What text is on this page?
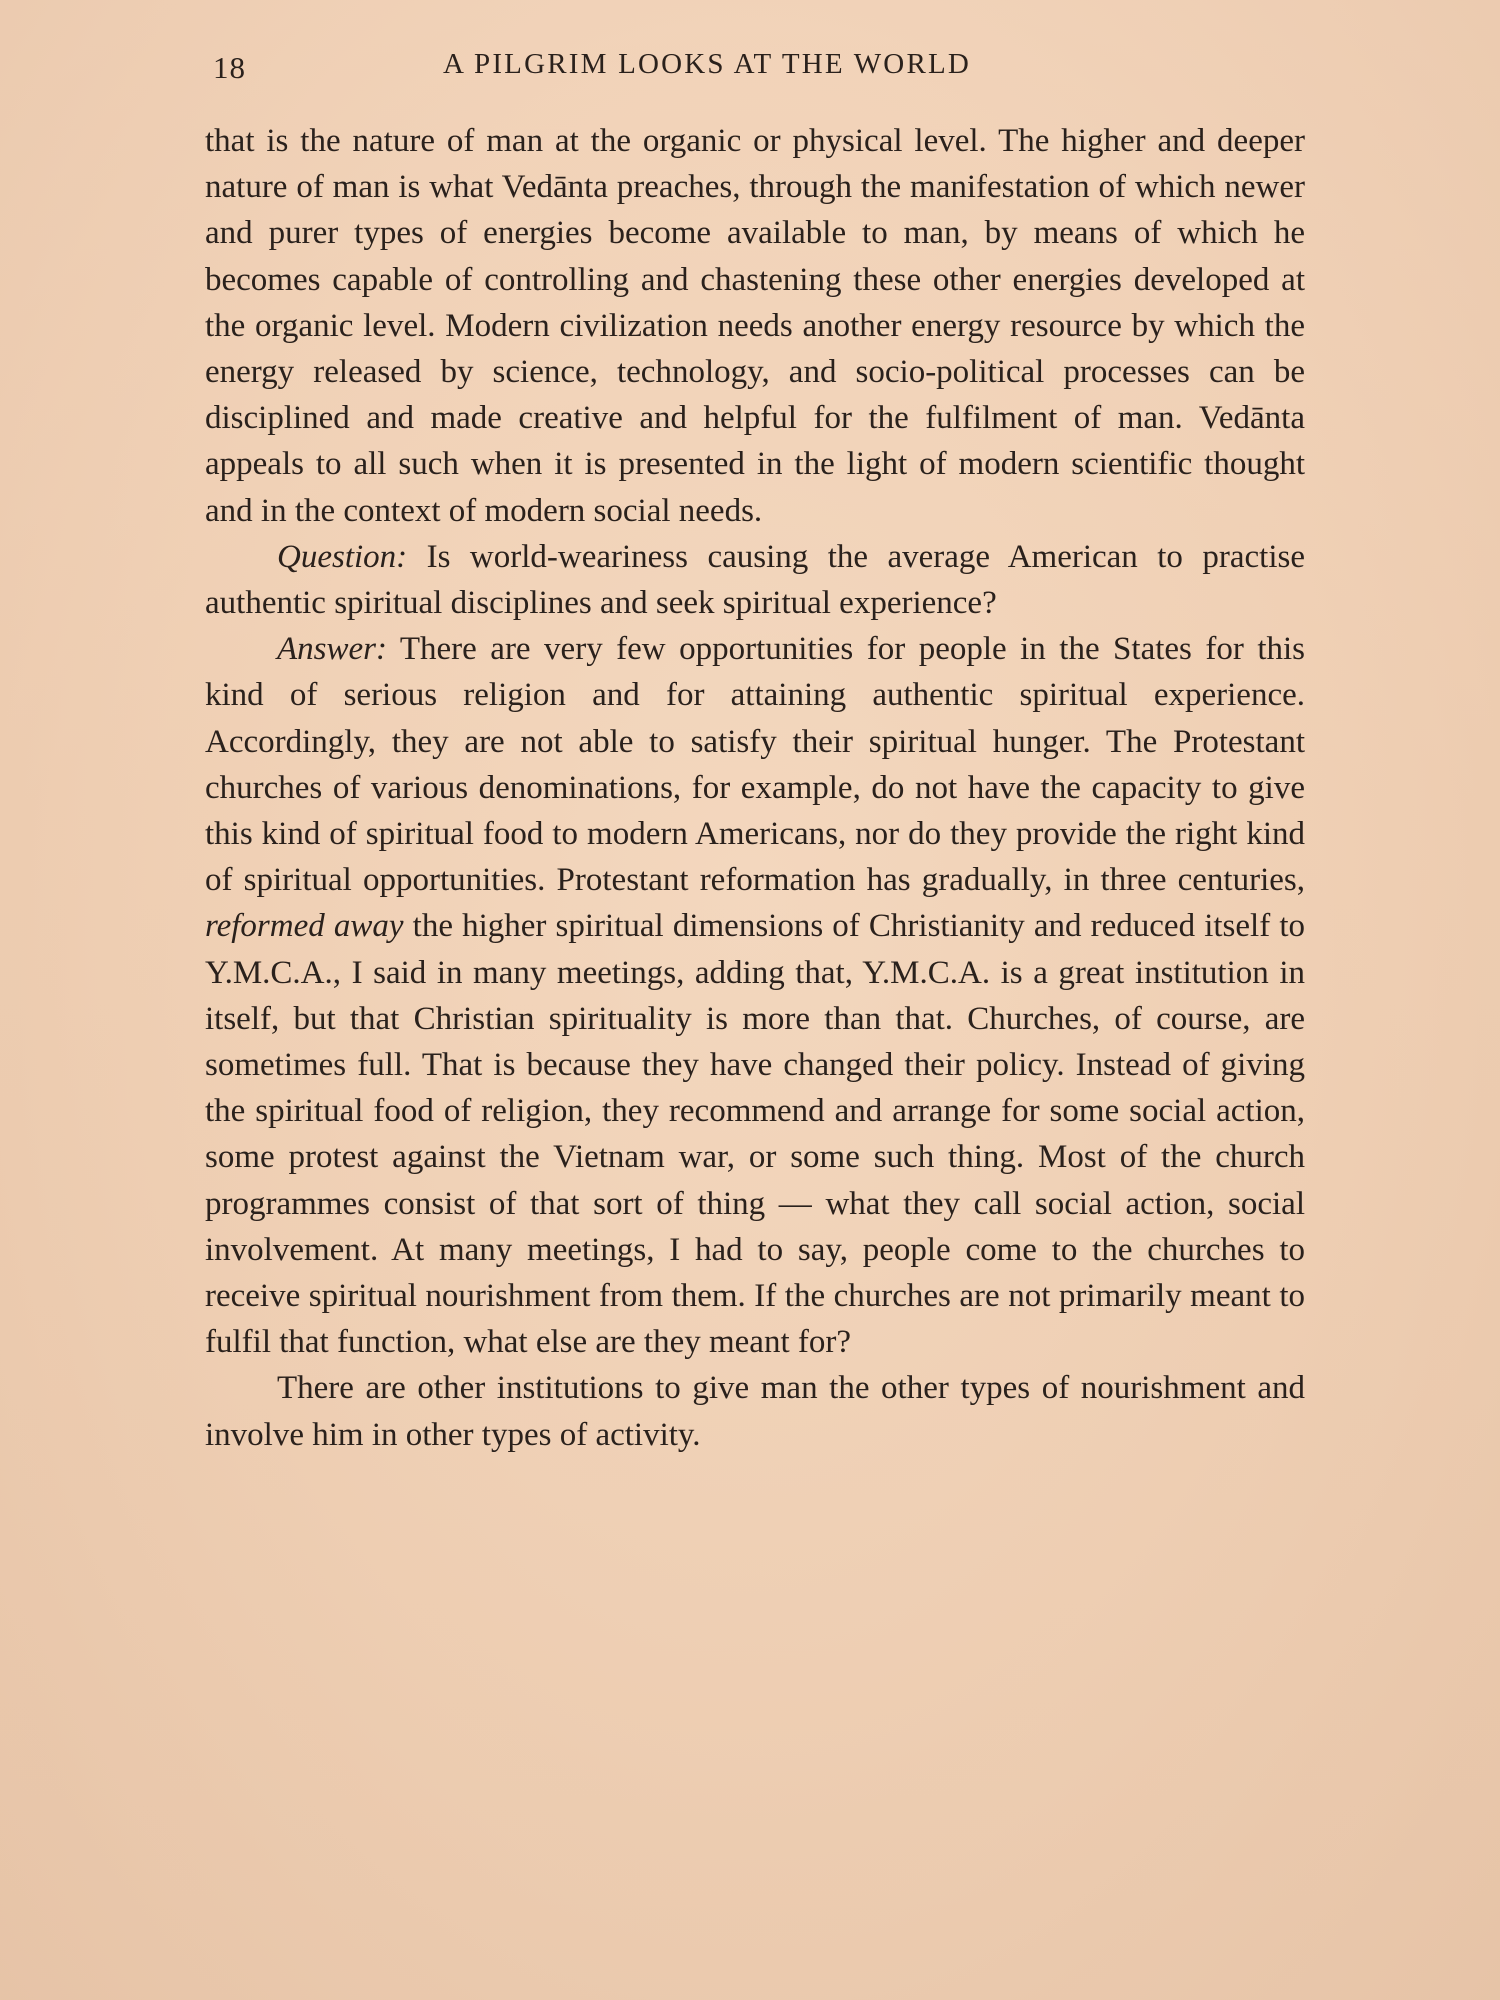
18	A PILGRIM LOOKS AT THE WORLD

that is the nature of man at the organic or physical level. The higher and deeper nature of man is what Vedānta preaches, through the manifestation of which newer and purer types of energies become available to man, by means of which he becomes capable of controlling and chastening these other energies developed at the organic level. Modern civilization needs another energy resource by which the energy released by science, technology, and socio-political processes can be disciplined and made creative and helpful for the fulfilment of man. Vedānta appeals to all such when it is presented in the light of modern scientific thought and in the context of modern social needs.

Question: Is world-weariness causing the average American to practise authentic spiritual disciplines and seek spiritual experience?

Answer: There are very few opportunities for people in the States for this kind of serious religion and for attaining authentic spiritual experience. Accordingly, they are not able to satisfy their spiritual hunger. The Protestant churches of various denominations, for example, do not have the capacity to give this kind of spiritual food to modern Americans, nor do they provide the right kind of spiritual opportunities. Protestant reformation has gradually, in three centuries, reformed away the higher spiritual dimensions of Christianity and reduced itself to Y.M.C.A., I said in many meetings, adding that, Y.M.C.A. is a great institution in itself, but that Christian spirituality is more than that. Churches, of course, are sometimes full. That is because they have changed their policy. Instead of giving the spiritual food of religion, they recommend and arrange for some social action, some protest against the Vietnam war, or some such thing. Most of the church programmes consist of that sort of thing — what they call social action, social involvement. At many meetings, I had to say, people come to the churches to receive spiritual nourishment from them. If the churches are not primarily meant to fulfil that function, what else are they meant for?

There are other institutions to give man the other types of nourishment and involve him in other types of activity.
